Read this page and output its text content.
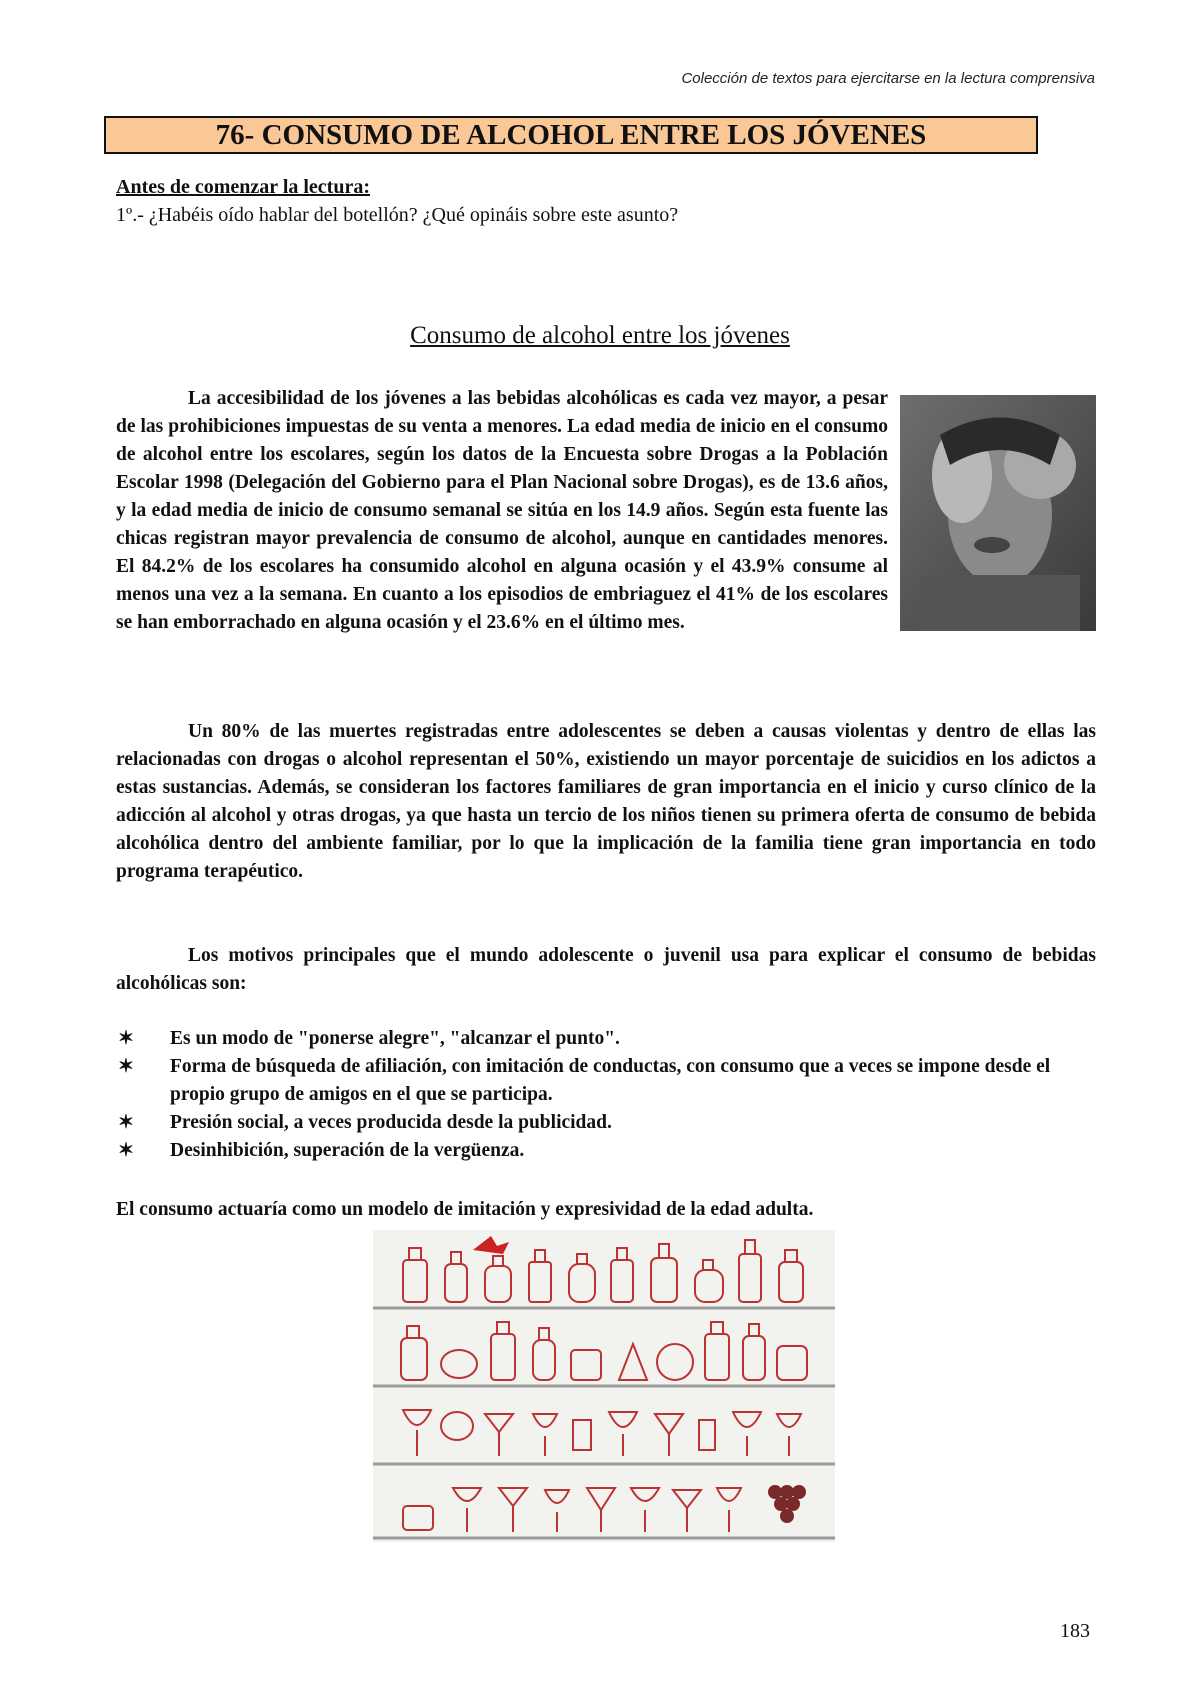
Colección de textos para ejercitarse en la lectura comprensiva
76- CONSUMO DE ALCOHOL ENTRE LOS JÓVENES
Antes de comenzar la lectura:
1º.- ¿Habéis oído hablar del botellón? ¿Qué opináis sobre este asunto?
Consumo de alcohol entre los jóvenes
La accesibilidad de los jóvenes a las bebidas alcohólicas es cada vez mayor, a pesar de las prohibiciones impuestas de su venta a menores. La edad media de inicio en el consumo de alcohol entre los escolares, según los datos de la Encuesta sobre Drogas a la Población Escolar 1998 (Delegación del Gobierno para el Plan Nacional sobre Drogas), es de 13.6 años, y la edad media de inicio de consumo semanal se sitúa en los 14.9 años. Según esta fuente las chicas registran mayor prevalencia de consumo de alcohol, aunque en cantidades menores. El 84.2% de los escolares ha consumido alcohol en alguna ocasión y el 43.9% consume al menos una vez a la semana. En cuanto a los episodios de embriaguez el 41% de los escolares se han emborrachado en alguna ocasión y el 23.6% en el último mes.
Un 80% de las muertes registradas entre adolescentes se deben a causas violentas y dentro de ellas las relacionadas con drogas o alcohol representan el 50%, existiendo un mayor porcentaje de suicidios en los adictos a estas sustancias. Además, se consideran los factores familiares de gran importancia en el inicio y curso clínico de la adicción al alcohol y otras drogas, ya que hasta un tercio de los niños tienen su primera oferta de consumo de bebida alcohólica dentro del ambiente familiar, por lo que la implicación de la familia tiene gran importancia en todo programa terapéutico.
Los motivos principales que el mundo adolescente o juvenil usa para explicar el consumo de bebidas alcohólicas son:
✶ Es un modo de "ponerse alegre", "alcanzar el punto".
✶ Forma de búsqueda de afiliación, con imitación de conductas, con consumo que a veces se impone desde el propio grupo de amigos en el que se participa.
✶ Presión social, a veces producida desde la publicidad.
✶ Desinhibición, superación de la vergüenza.
El consumo actuaría como un modelo de imitación y expresividad de la edad adulta.
183
